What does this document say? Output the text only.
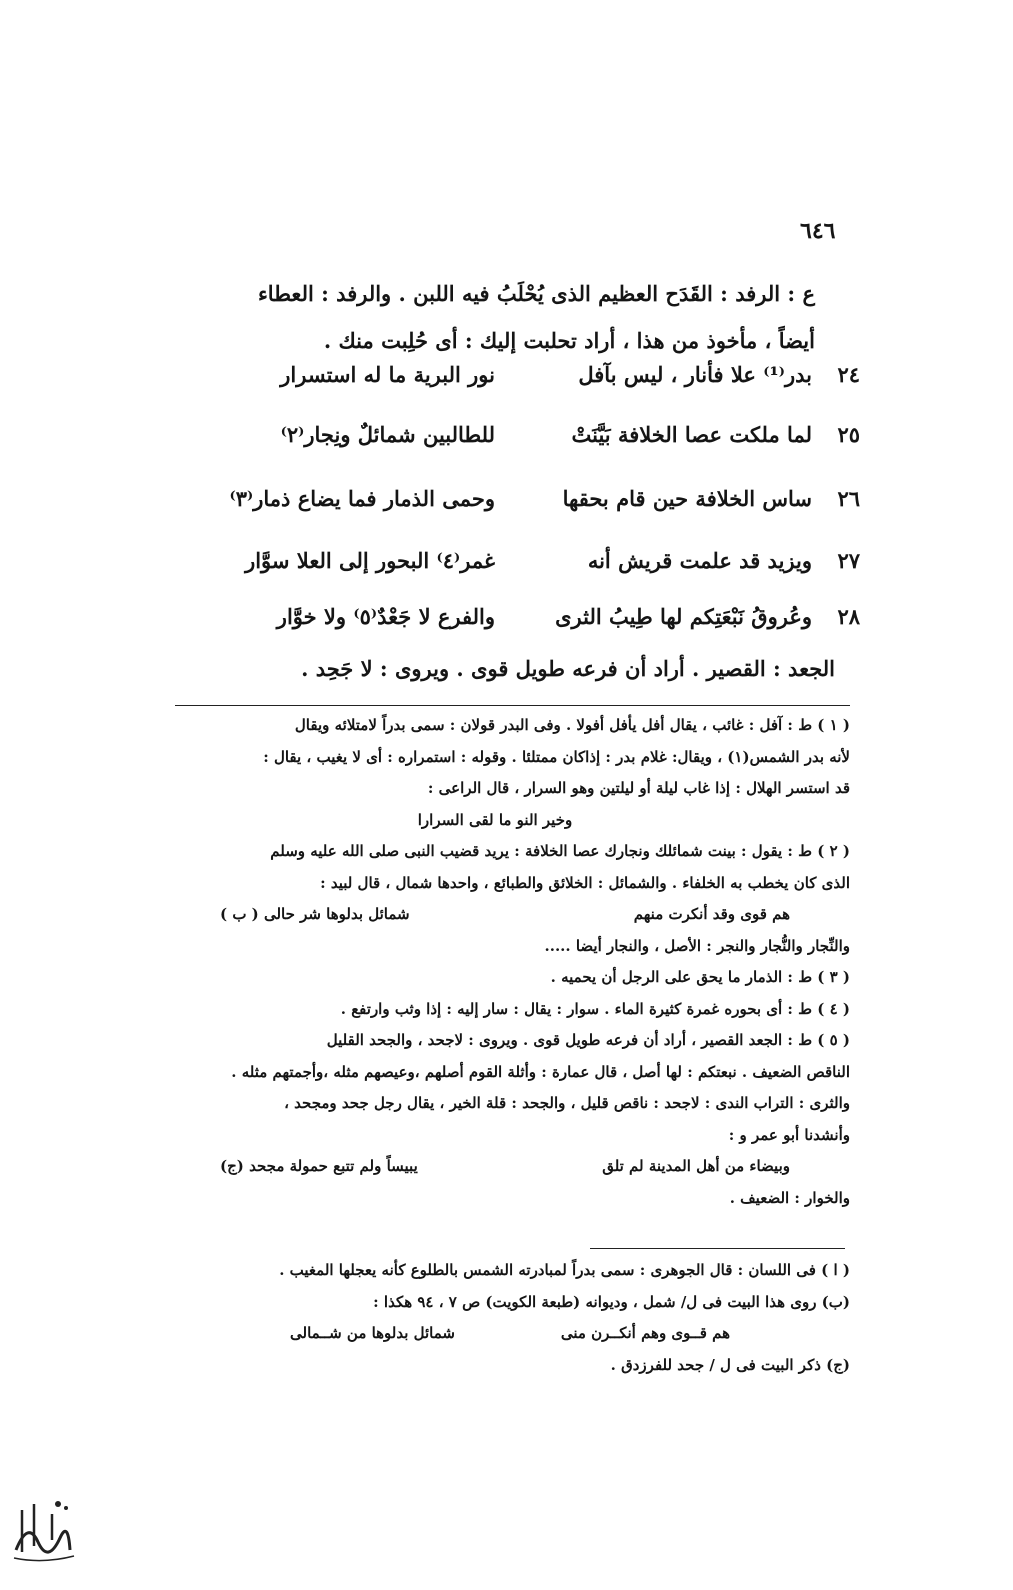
٦٤٦

ع : الرفد : القَدَح العظيم الذى يُحْلَبُ فيه اللبن . والرفد : العطاء

أيضاً ، مأخوذ من هذا ، أراد تحلبت إليك : أى حُلِبت منك .

٢٤
بدر⁽¹⁾ علا فأنار ، ليس بآفل
نور البرية ما له استسرار
٢٥
لما ملكت عصا الخلافة بَيَّنَتْ
للطالبين شمائلٌ ونِجار⁽٢⁾
٢٦
ساس الخلافة حين قام بحقها
وحمى الذمار فما يضاع ذمار⁽٣⁾
٢٧
ويزيد قد علمت قريش أنه
غمر⁽٤⁾ البحور إلى العلا سوَّار
٢٨
وعُروقُ نَبْعَتِكم لها طِيبُ الثرى
والفرع لا جَعْدٌ⁽٥⁾ ولا خوَّار
الجعد : القصير . أراد أن فرعه طويل قوى . ويروى : لا جَحِد .

( ١ ) ط : آفل : غائب ، يقال أفل يأفل أفولا . وفى البدر قولان : سمى بدراً لامتلائه ويقال

لأنه بدر الشمس(١) ، ويقال: غلام بدر : إذاكان ممتلئا . وقوله : استمراره : أى لا يغيب ، يقال :

قد استسر الهلال : إذا غاب ليلة أو ليلتين وهو السرار ، قال الراعى :

وخير النو ما لقى السرارا

( ٢ ) ط : يقول : بينت شمائلك ونجارك عصا الخلافة : يريد قضيب النبى صلى الله عليه وسلم

الذى كان يخطب به الخلفاء . والشمائل : الخلائق والطبائع ، واحدها شمال ، قال لبيد :

هم قوى وقد أنكرت منهم
شمائل بدلوها شر حالى ( ب )

والنِّجار والنُّجار والنجر : الأصل ، والنجار أيضا .....

( ٣ ) ط : الذمار ما يحق على الرجل أن يحميه .

( ٤ ) ط : أى بحوره غمرة كثيرة الماء . سوار : يقال : سار إليه : إذا وثب وارتفع .

( ٥ ) ط : الجعد القصير ، أراد أن فرعه طويل قوى . ويروى : لاجحد ، والجحد القليل

الناقص الضعيف . نبعتكم : لها أصل ، قال عمارة : وأثلة القوم أصلهم ،وعيصهم مثله ،وأجمتهم مثله .

والثرى : التراب الندى : لاجحد : ناقص قليل ، والجحد : قلة الخير ، يقال رجل جحد ومجحد ،

وأنشدنا أبو عمر و :

وبيضاء من أهل المدينة لم تلق
يبيساً ولم تتبع حمولة مجحد (ج)

والخوار : الضعيف .

( ا ) فى اللسان : قال الجوهرى : سمى بدراً لمبادرته الشمس بالطلوع كأنه يعجلها المغيب .

(ب) روى هذا البيت فى ل/ شمل ، وديوانه (طبعة الكويت) ص ٧ ، ٩٤ هكذا :

هم قــوى وهم أنكــرن منى
شمائل بدلوها من شــمالى

(ج) ذكر البيت فى ل / جحد للفرزدق .
